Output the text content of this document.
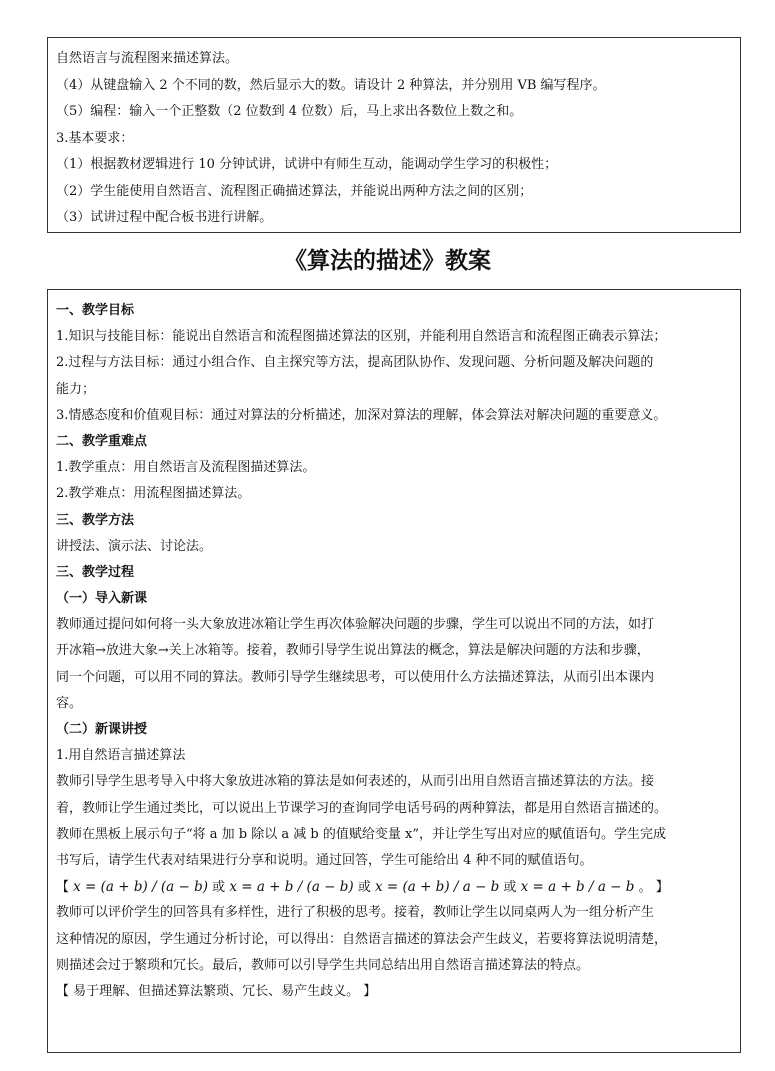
自然语言与流程图来描述算法。
（4）从键盘输入 2 个不同的数，然后显示大的数。请设计 2 种算法，并分别用 VB 编写程序。
（5）编程：输入一个正整数（2 位数到 4 位数）后，马上求出各数位上数之和。
3.基本要求：
（1）根据教材逻辑进行 10 分钟试讲，试讲中有师生互动，能调动学生学习的积极性；
（2）学生能使用自然语言、流程图正确描述算法，并能说出两种方法之间的区别；
（3）试讲过程中配合板书进行讲解。
《算法的描述》教案
一、教学目标
1.知识与技能目标：能说出自然语言和流程图描述算法的区别，并能利用自然语言和流程图正确表示算法；
2.过程与方法目标：通过小组合作、自主探究等方法，提高团队协作、发现问题、分析问题及解决问题的
能力；
3.情感态度和价值观目标：通过对算法的分析描述，加深对算法的理解，体会算法对解决问题的重要意义。
二、教学重难点
1.教学重点：用自然语言及流程图描述算法。
2.教学难点：用流程图描述算法。
三、教学方法
讲授法、演示法、讨论法。
三、教学过程
（一）导入新课
教师通过提问如何将一头大象放进冰箱让学生再次体验解决问题的步骤，学生可以说出不同的方法，如打
开冰箱→放进大象→关上冰箱等。接着，教师引导学生说出算法的概念，算法是解决问题的方法和步骤，
同一个问题，可以用不同的算法。教师引导学生继续思考，可以使用什么方法描述算法，从而引出本课内
容。
（二）新课讲授
1.用自然语言描述算法
教师引导学生思考导入中将大象放进冰箱的算法是如何表述的，从而引出用自然语言描述算法的方法。接
着，教师让学生通过类比，可以说出上节课学习的查询同学电话号码的两种算法，都是用自然语言描述的。
教师在黑板上展示句子“将 a 加 b 除以 a 减 b 的值赋给变量 x”，并让学生写出对应的赋值语句。学生完成
书写后，请学生代表对结果进行分享和说明。通过回答，学生可能给出 4 种不同的赋值语句。
【 x = (a + b) / (a − b) 或 x = a + b / (a − b) 或 x = (a + b) / a − b 或 x = a + b / a − b 。 】
教师可以评价学生的回答具有多样性，进行了积极的思考。接着，教师让学生以同桌两人为一组分析产生
这种情况的原因，学生通过分析讨论，可以得出：自然语言描述的算法会产生歧义，若要将算法说明清楚，
则描述会过于繁琐和冗长。最后，教师可以引导学生共同总结出用自然语言描述算法的特点。
【 易于理解、但描述算法繁琐、冗长、易产生歧义。 】
